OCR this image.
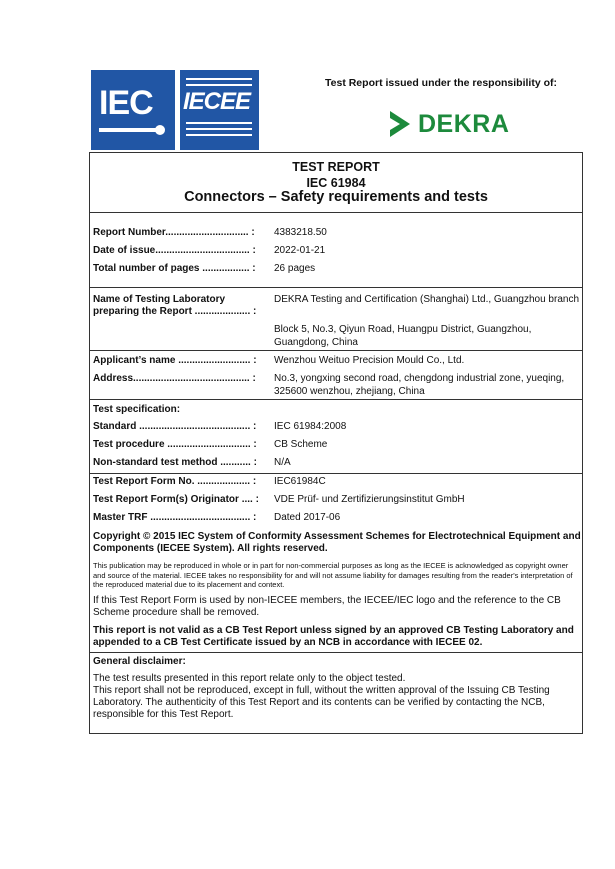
IEC IECEE
Test Report issued under the responsibility of:
DEKRA
TEST REPORT
IEC 61984
Connectors – Safety requirements and tests
Report Number.............................. : 4383218.50
Date of issue.................................. : 2022-01-21
Total number of pages ................. : 26 pages
Name of Testing Laboratory
preparing the Report .................... :
DEKRA Testing and Certification (Shanghai) Ltd., Guangzhou branch
Block 5, No.3, Qiyun Road, Huangpu District, Guangzhou, Guangdong, China
Applicant’s name .......................... : Wenzhou Weituo Precision Mould Co., Ltd.
Address.......................................... : No.3, yongxing second road, chengdong industrial zone, yueqing, 325600 wenzhou, zhejiang, China
Test specification:
Standard ........................................ : IEC 61984:2008
Test procedure .............................. : CB Scheme
Non-standard test method ........... : N/A
Test Report Form No. ................... : IEC61984C
Test Report Form(s) Originator .... : VDE Prüf- und Zertifizierungsinstitut GmbH
Master TRF .................................... : Dated 2017-06
Copyright © 2015 IEC System of Conformity Assessment Schemes for Electrotechnical Equipment and Components (IECEE System). All rights reserved.
This publication may be reproduced in whole or in part for non-commercial purposes as long as the IECEE is acknowledged as copyright owner and source of the material. IECEE takes no responsibility for and will not assume liability for damages resulting from the reader's interpretation of the reproduced material due to its placement and context.
If this Test Report Form is used by non-IECEE members, the IECEE/IEC logo and the reference to the CB Scheme procedure shall be removed.
This report is not valid as a CB Test Report unless signed by an approved CB Testing Laboratory and appended to a CB Test Certificate issued by an NCB in accordance with IECEE 02.
General disclaimer:
The test results presented in this report relate only to the object tested.
This report shall not be reproduced, except in full, without the written approval of the Issuing CB Testing Laboratory. The authenticity of this Test Report and its contents can be verified by contacting the NCB, responsible for this Test Report.
